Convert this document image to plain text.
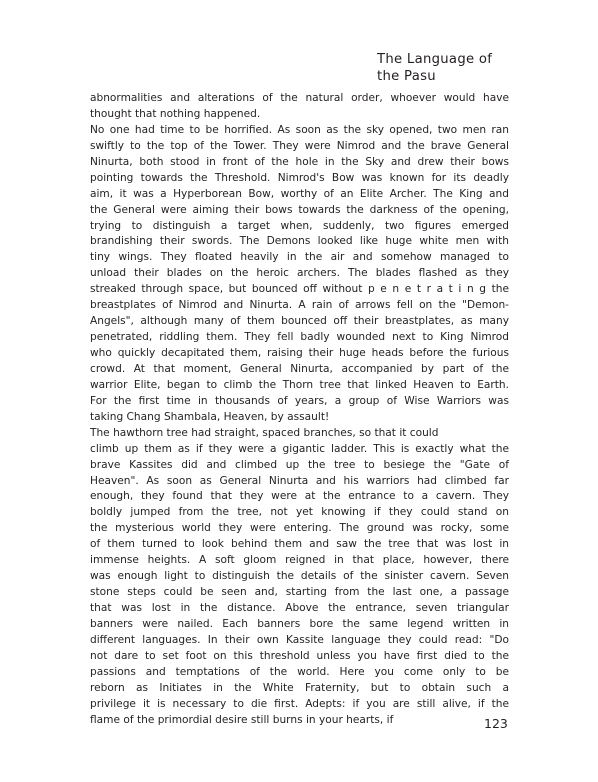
The Language of
the Pasu
abnormalities and alterations of the natural order, whoever would have
thought that nothing happened.
No one had time to be horrified. As soon as the sky opened, two men ran
swiftly to the top of the Tower. They were Nimrod and the brave General
Ninurta, both stood in front of the hole in the Sky and drew their bows
pointing towards the Threshold. Nimrod's Bow was known for its deadly
aim, it was a Hyperborean Bow, worthy of an Elite Archer. The King and
the General were aiming their bows towards the darkness of the opening,
trying to distinguish a target when, suddenly, two figures emerged
brandishing their swords. The Demons looked like huge white men with
tiny wings. They floated heavily in the air and somehow managed to
unload their blades on the heroic archers. The blades flashed as they
streaked through space, but bounced off without p e n e t r a t i n g the
breastplates of Nimrod and Ninurta. A rain of arrows fell on the "Demon-
Angels", although many of them bounced off their breastplates, as many
penetrated, riddling them. They fell badly wounded next to King Nimrod
who quickly decapitated them, raising their huge heads before the furious
crowd. At that moment, General Ninurta, accompanied by part of the
warrior Elite, began to climb the Thorn tree that linked Heaven to Earth.
For the first time in thousands of years, a group of Wise Warriors was
taking Chang Shambala, Heaven, by assault!
The hawthorn tree had straight, spaced branches, so that it could
climb up them as if they were a gigantic ladder. This is exactly what the
brave Kassites did and climbed up the tree to besiege the "Gate of
Heaven". As soon as General Ninurta and his warriors had climbed far
enough, they found that they were at the entrance to a cavern. They
boldly jumped from the tree, not yet knowing if they could stand on
the mysterious world they were entering. The ground was rocky, some
of them turned to look behind them and saw the tree that was lost in
immense heights. A soft gloom reigned in that place, however, there
was enough light to distinguish the details of the sinister cavern. Seven
stone steps could be seen and, starting from the last one, a passage
that was lost in the distance. Above the entrance, seven triangular
banners were nailed. Each banners bore the same legend written in
different languages. In their own Kassite language they could read: "Do
not dare to set foot on this threshold unless you have first died to the
passions and temptations of the world. Here you come only to be
reborn as Initiates in the White Fraternity, but to obtain such a
privilege it is necessary to die first. Adepts: if you are still alive, if the
flame of the primordial desire still burns in your hearts, if	123
